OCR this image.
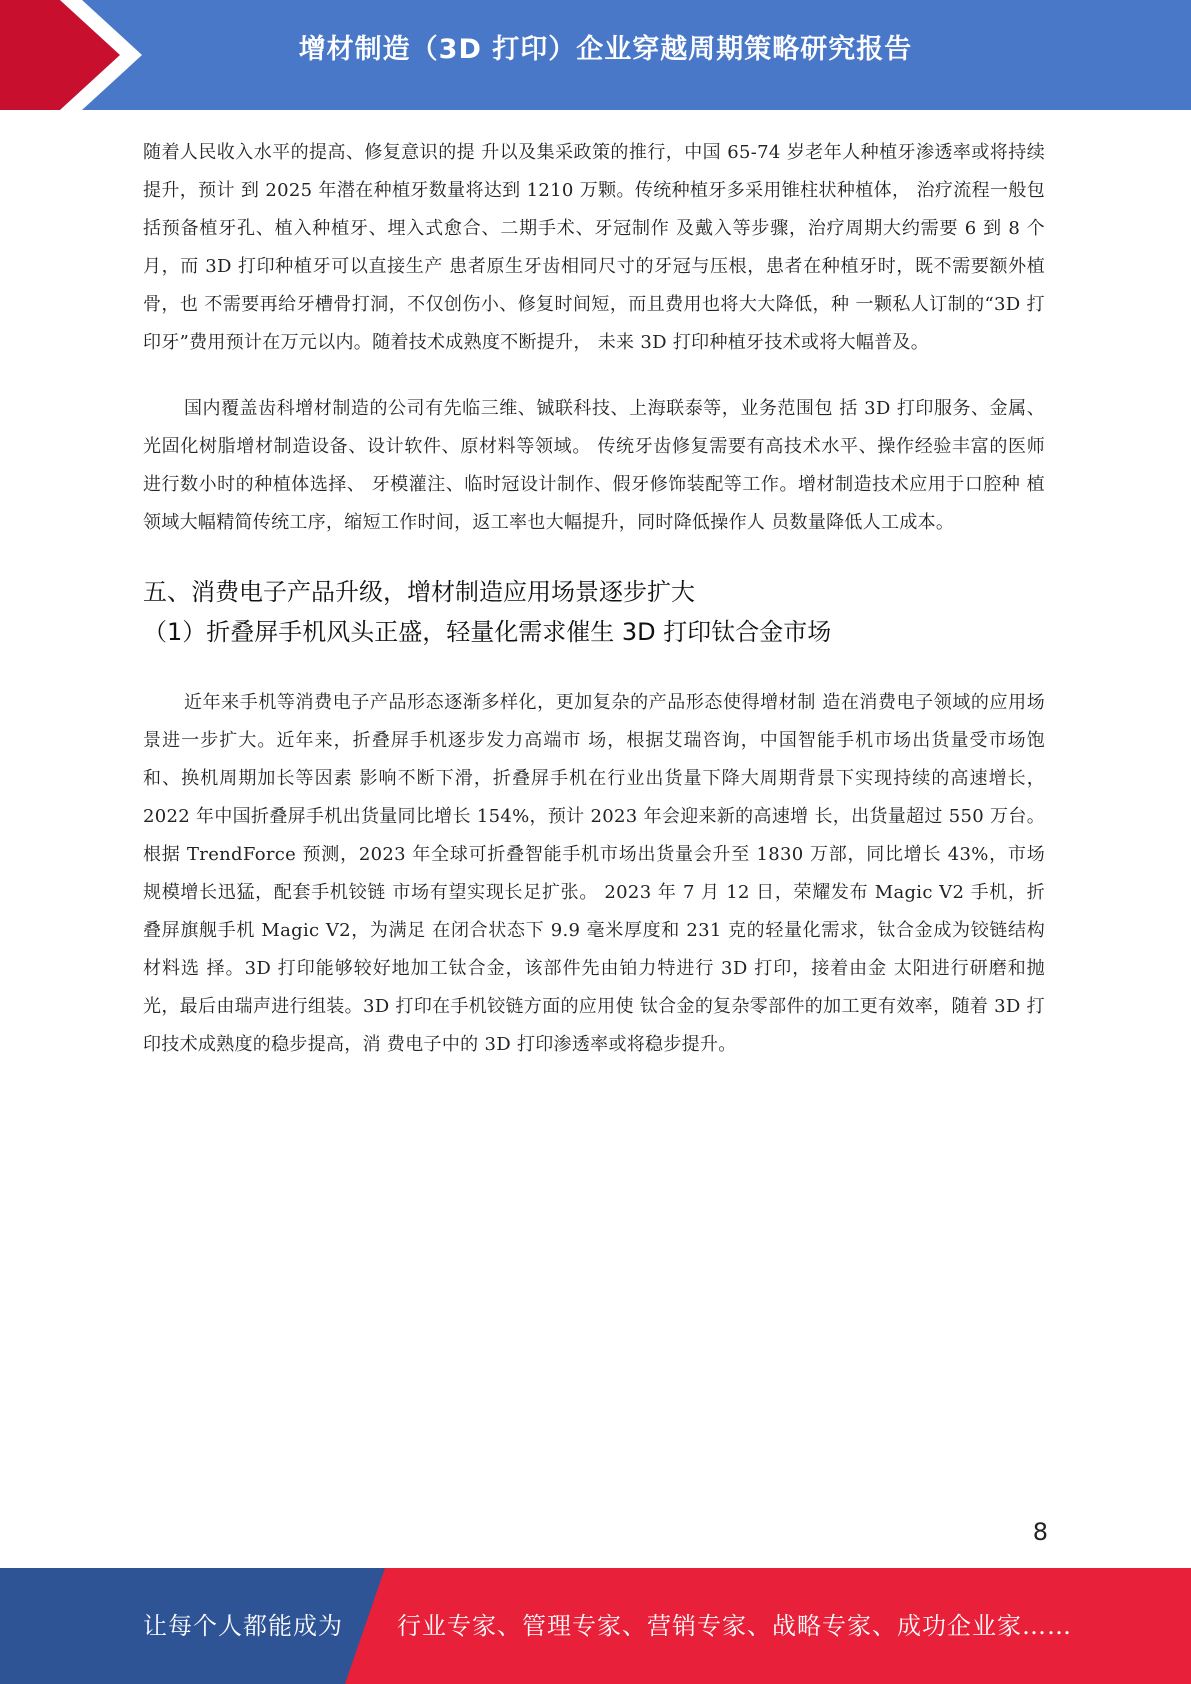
增材制造（3D 打印）企业穿越周期策略研究报告

随着人民收入水平的提高、修复意识的提 升以及集采政策的推行，中国 65-74 岁老年人种植牙渗透率或将持续提升，预计 到 2025 年潜在种植牙数量将达到 1210 万颗。传统种植牙多采用锥柱状种植体， 治疗流程一般包括预备植牙孔、植入种植牙、埋入式愈合、二期手术、牙冠制作 及戴入等步骤，治疗周期大约需要 6 到 8 个月，而 3D 打印种植牙可以直接生产 患者原生牙齿相同尺寸的牙冠与压根，患者在种植牙时，既不需要额外植骨，也 不需要再给牙槽骨打洞，不仅创伤小、修复时间短，而且费用也将大大降低，种 一颗私人订制的“3D 打印牙”费用预计在万元以内。随着技术成熟度不断提升， 未来 3D 打印种植牙技术或将大幅普及。

国内覆盖齿科增材制造的公司有先临三维、铖联科技、上海联泰等，业务范围包 括 3D 打印服务、金属、光固化树脂增材制造设备、设计软件、原材料等领域。 传统牙齿修复需要有高技术水平、操作经验丰富的医师进行数小时的种植体选择、 牙模灌注、临时冠设计制作、假牙修饰装配等工作。增材制造技术应用于口腔种 植领域大幅精简传统工序，缩短工作时间，返工率也大幅提升，同时降低操作人 员数量降低人工成本。

五、消费电子产品升级，增材制造应用场景逐步扩大
（1）折叠屏手机风头正盛，轻量化需求催生 3D 打印钛合金市场

近年来手机等消费电子产品形态逐渐多样化，更加复杂的产品形态使得增材制 造在消费电子领域的应用场景进一步扩大。近年来，折叠屏手机逐步发力高端市 场，根据艾瑞咨询，中国智能手机市场出货量受市场饱和、换机周期加长等因素 影响不断下滑，折叠屏手机在行业出货量下降大周期背景下实现持续的高速增长， 2022 年中国折叠屏手机出货量同比增长 154%，预计 2023 年会迎来新的高速增 长，出货量超过 550 万台。根据 TrendForce 预测，2023 年全球可折叠智能手机市场出货量会升至 1830 万部，同比增长 43%，市场规模增长迅猛，配套手机铰链 市场有望实现长足扩张。 2023 年 7 月 12 日，荣耀发布 Magic V2 手机，折叠屏旗舰手机 Magic V2，为满足 在闭合状态下 9.9 毫米厚度和 231 克的轻量化需求，钛合金成为铰链结构材料选 择。3D 打印能够较好地加工钛合金，该部件先由铂力特进行 3D 打印，接着由金 太阳进行研磨和抛光，最后由瑞声进行组装。3D 打印在手机铰链方面的应用使 钛合金的复杂零部件的加工更有效率，随着 3D 打印技术成熟度的稳步提高，消 费电子中的 3D 打印渗透率或将稳步提升。

8
让每个人都能成为 行业专家、管理专家、营销专家、战略专家、成功企业家……
